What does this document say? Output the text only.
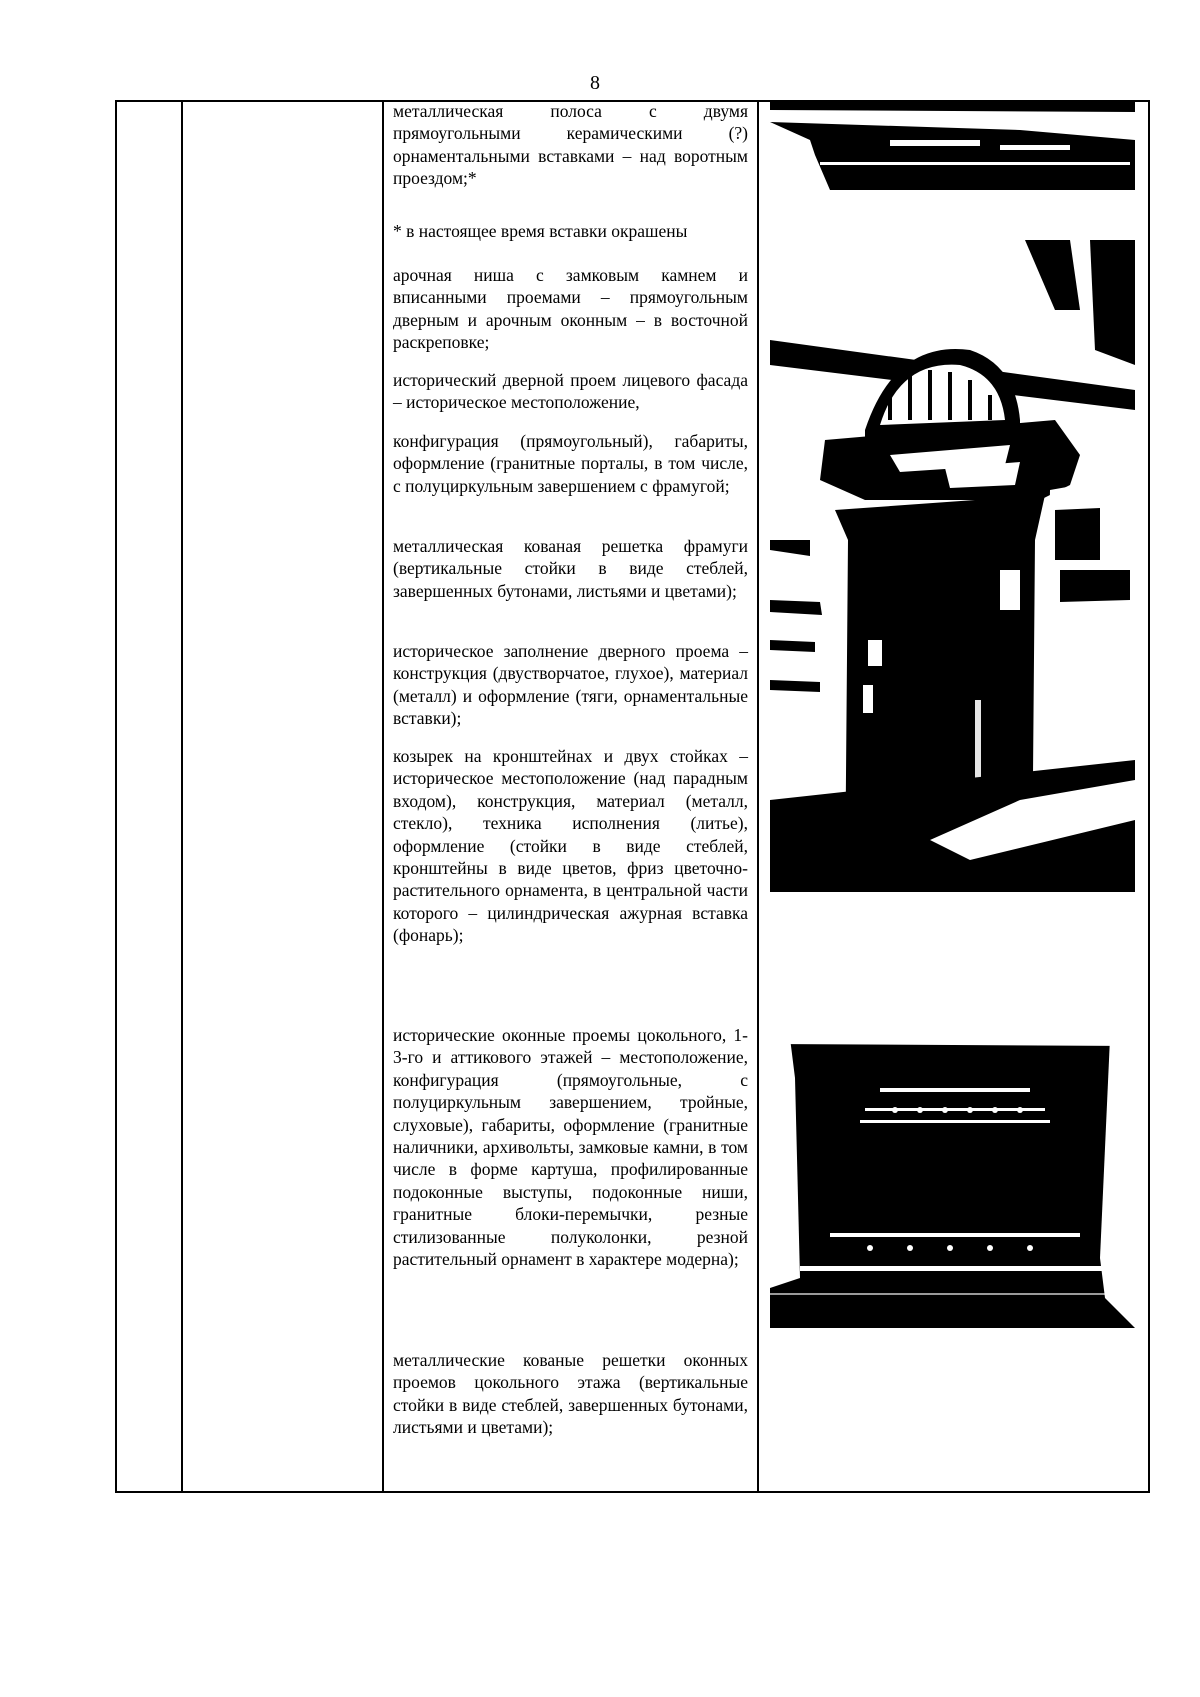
8

металлическая полоса с двумя прямоугольными керамическими (?) орнаментальными вставками – над воротным проездом;*

* в настоящее время вставки окрашены

арочная ниша с замковым камнем и вписанными проемами – прямоугольным дверным и арочным оконным – в восточной раскреповке;

исторический дверной проем лицевого фасада – историческое местоположение,

конфигурация (прямоугольный), габариты, оформление (гранитные порталы, в том числе, с полуциркульным завершением с фрамугой;

металлическая кованая решетка фрамуги (вертикальные стойки в виде стеблей, завершенных бутонами, листьями и цветами);

историческое заполнение дверного проема – конструкция (двустворчатое, глухое), материал (металл) и оформление (тяги, орнаментальные вставки);

козырек на кронштейнах и двух стойках – историческое местоположение (над парадным входом), конструкция, материал (металл, стекло), техника исполнения (литье), оформление (стойки в виде стеблей, кронштейны в виде цветов, фриз цветочно-растительного орнамента, в центральной части которого – цилиндрическая ажурная вставка (фонарь);

исторические оконные проемы цокольного, 1-3-го и аттикового этажей – местоположение, конфигурация (прямоугольные, с полуциркульным завершением, тройные, слуховые), габариты, оформление (гранитные наличники, архивольты, замковые камни, в том числе в форме картуша, профилированные подоконные выступы, подоконные ниши, гранитные блоки-перемычки, резные стилизованные полуколонки, резной растительный орнамент в характере модерна);

металлические кованые решетки оконных проемов цокольного этажа (вертикальные стойки в виде стеблей, завершенных бутонами, листьями и цветами);
